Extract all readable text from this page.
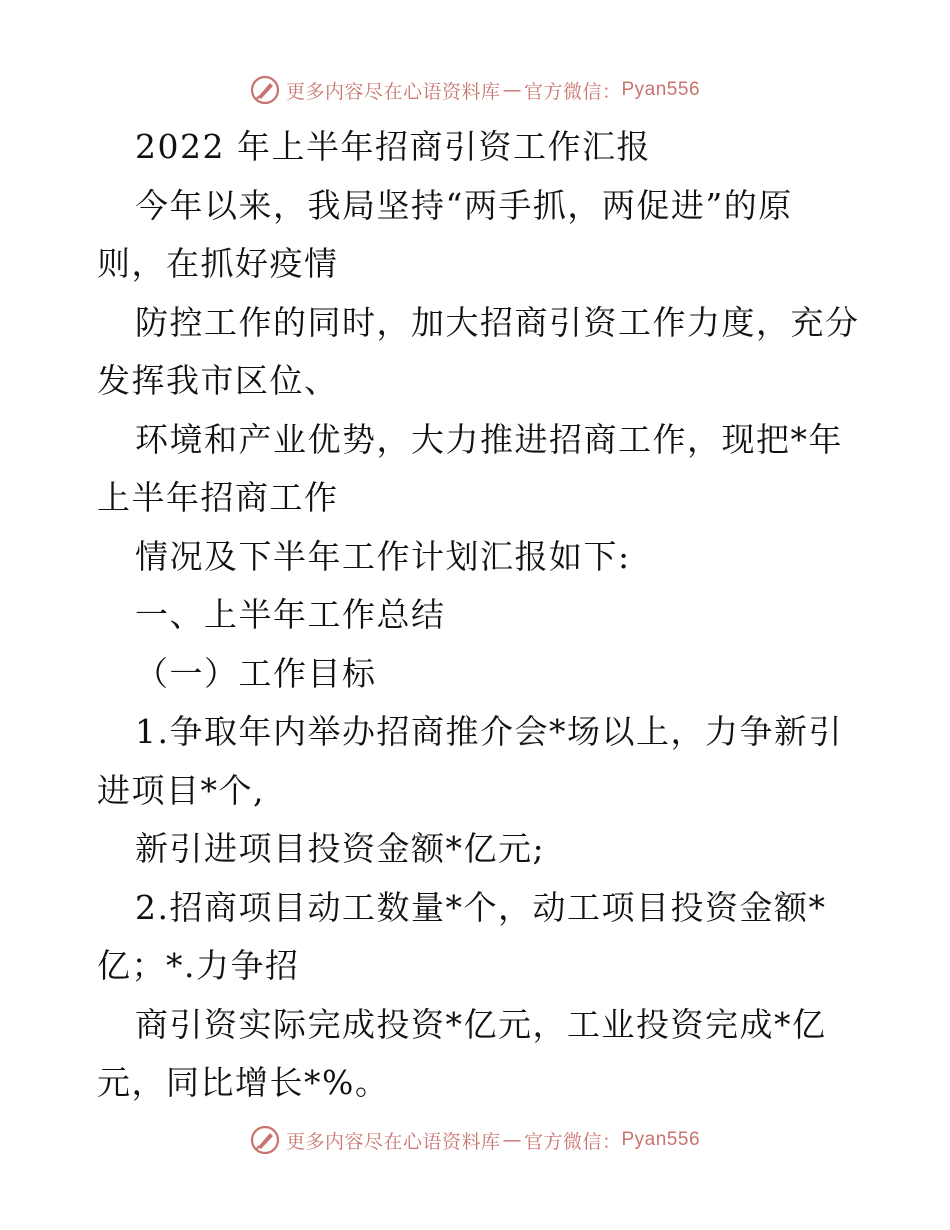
更多内容尽在心语资料库 — 官方微信： Pyan556
2022 年上半年招商引资工作汇报
今年以来，我局坚持“两手抓，两促进”的原
则，在抓好疫情
防控工作的同时，加大招商引资工作力度，充分
发挥我市区位、
环境和产业优势，大力推进招商工作，现把*年
上半年招商工作
情况及下半年工作计划汇报如下:
一、上半年工作总结
（一）工作目标
1.争取年内举办招商推介会*场以上，力争新引
进项目*个,
新引进项目投资金额*亿元;
2.招商项目动工数量*个，动工项目投资金额*
亿；*.力争招
商引资实际完成投资*亿元，工业投资完成*亿
元，同比增长*%。
更多内容尽在心语资料库 — 官方微信： Pyan556
